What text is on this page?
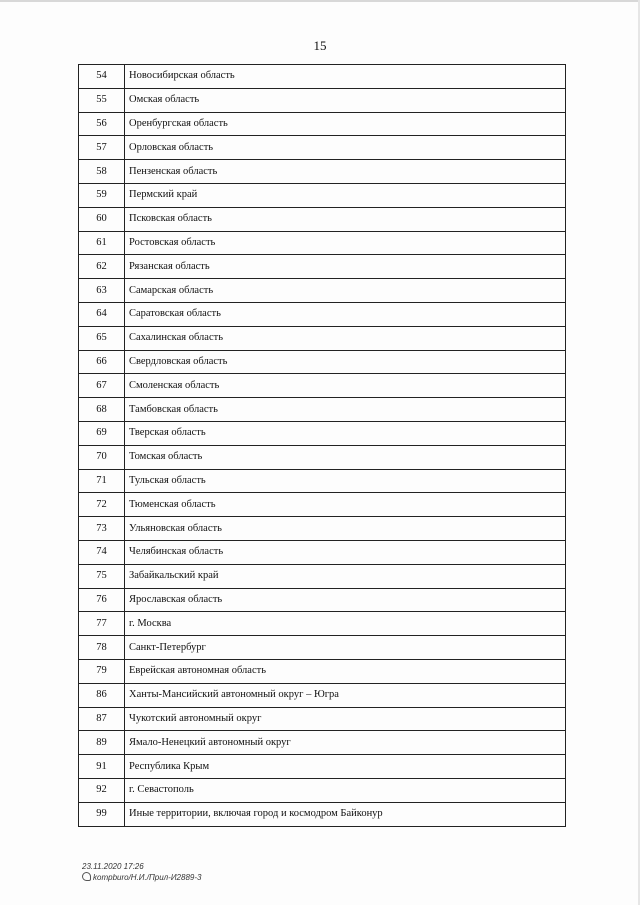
15
54	Новосибирская область
55	Омская область
56	Оренбургская область
57	Орловская область
58	Пензенская область
59	Пермский край
60	Псковская область
61	Ростовская область
62	Рязанская область
63	Самарская область
64	Саратовская область
65	Сахалинская область
66	Свердловская область
67	Смоленская область
68	Тамбовская область
69	Тверская область
70	Томская область
71	Тульская область
72	Тюменская область
73	Ульяновская область
74	Челябинская область
75	Забайкальский край
76	Ярославская область
77	г. Москва
78	Санкт-Петербург
79	Еврейская автономная область
86	Ханты-Мансийский автономный округ – Югра
87	Чукотский автономный округ
89	Ямало-Ненецкий автономный округ
91	Республика Крым
92	г. Севастополь
99	Иные территории, включая город и космодром Байконур
23.11.2020 17:26
kompburo/Н.И./Прил-И2889-3
